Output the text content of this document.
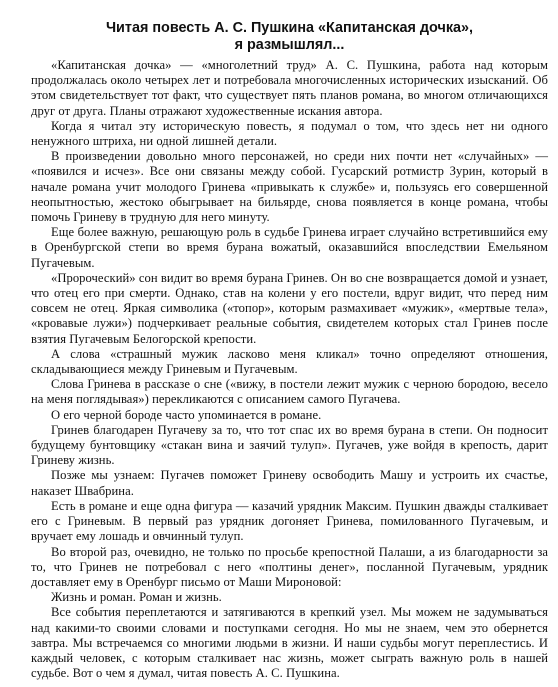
Читая повесть А. С. Пушкина «Капитанская дочка»,
я размышлял...

«Капитанская дочка» — «многолетний труд» А. С. Пушкина, работа над которым продолжалась около четырех лет и потребовала многочисленных исторических изысканий. Об этом свидетельствует тот факт, что существует пять планов романа, во многом отличающихся друг от друга. Планы отражают художественные искания автора.

Когда я читал эту историческую повесть, я подумал о том, что здесь нет ни одного ненужного штриха, ни одной лишней детали.

В произведении довольно много персонажей, но среди них почти нет «случайных» — «появился и исчез». Все они связаны между собой. Гусарский ротмистр Зурин, который в начале романа учит молодого Гринева «привыкать к службе» и, пользуясь его совершенной неопытностью, жестоко обыгрывает на бильярде, снова появляется в конце романа, чтобы помочь Гриневу в трудную для него минуту.

Еще более важную, решающую роль в судьбе Гринева играет случайно встретившийся ему в Оренбургской степи во время бурана вожатый, оказавшийся впоследствии Емельяном Пугачевым.

«Пророческий» сон видит во время бурана Гринев. Он во сне возвращается домой и узнает, что отец его при смерти. Однако, став на колени у его постели, вдруг видит, что перед ним совсем не отец. Яркая символика («топор», которым размахивает «мужик», «мертвые тела», «кровавые лужи») подчеркивает реальные события, свидетелем которых стал Гринев после взятия Пугачевым Белогорской крепости.

А слова «страшный мужик ласково меня кликал» точно определяют отношения, складывающиеся между Гриневым и Пугачевым.

Слова Гринева в рассказе о сне («вижу, в постели лежит мужик с черною бородою, весело на меня поглядывая») перекликаются с описанием самого Пугачева.

О его черной бороде часто упоминается в романе.

Гринев благодарен Пугачеву за то, что тот спас их во время бурана в степи. Он подносит будущему бунтовщику «стакан вина и заячий тулуп». Пугачев, уже войдя в крепость, дарит Гриневу жизнь.

Позже мы узнаем: Пугачев поможет Гриневу освободить Машу и устроить их счастье, наказет Швабрина.

Есть в романе и еще одна фигура — казачий урядник Максим. Пушкин дважды сталкивает его с Гриневым. В первый раз урядник догоняет Гринева, помилованного Пугачевым, и вручает ему лошадь и овчинный тулуп.

Во второй раз, очевидно, не только по просьбе крепостной Палаши, а из благодарности за то, что Гринев не потребовал с него «полтины денег», посланной Пугачевым, урядник доставляет ему в Оренбург письмо от Маши Мироновой:

Жизнь и роман. Роман и жизнь.

Все события переплетаются и затягиваются в крепкий узел. Мы можем не задумываться над какими-то своими словами и поступками сегодня. Но мы не знаем, чем это обернется завтра. Мы встречаемся со многими людьми в жизни. И наши судьбы могут переплестись. И каждый человек, с которым сталкивает нас жизнь, может сыграть важную роль в нашей судьбе. Вот о чем я думал, читая повесть А. С. Пушкина.
